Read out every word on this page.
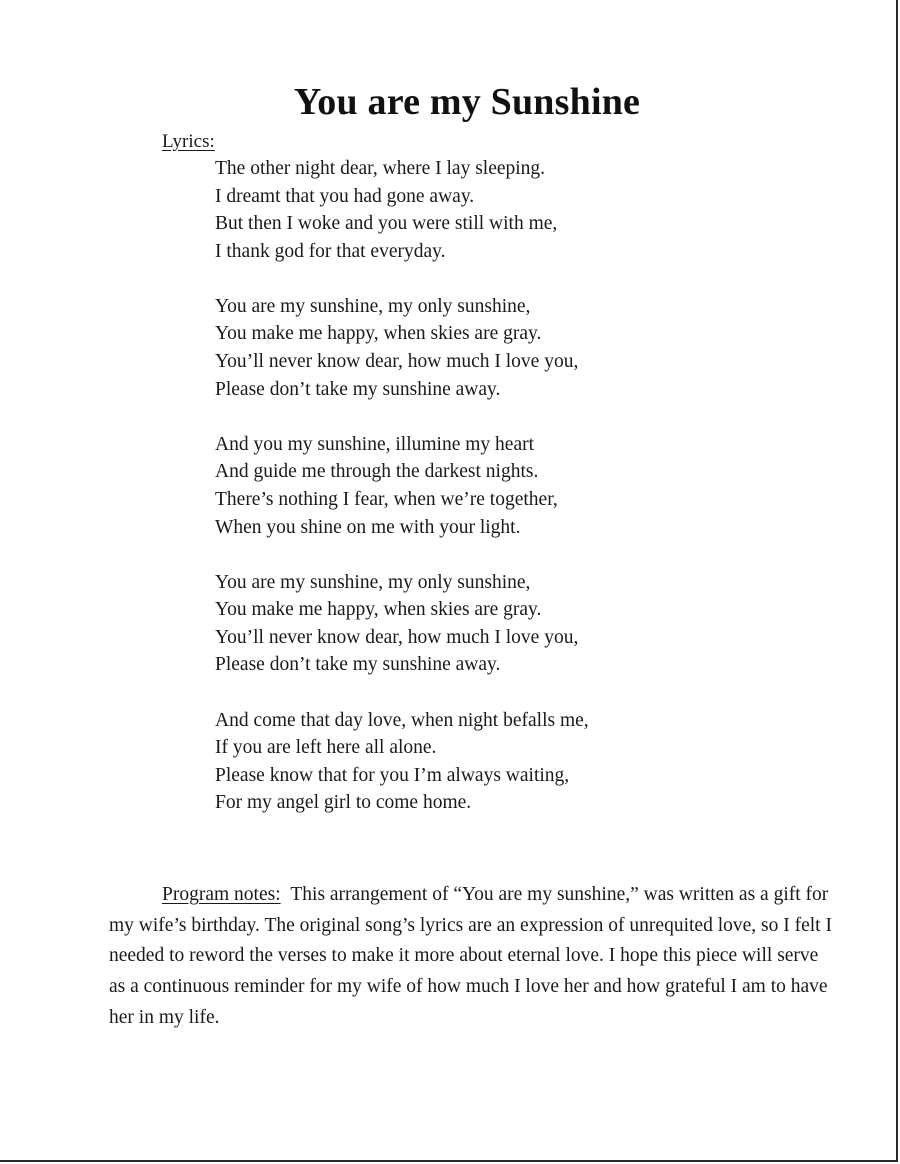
You are my Sunshine
Lyrics:
The other night dear, where I lay sleeping.
I dreamt that you had gone away.
But then I woke and you were still with me,
I thank god for that everyday.
You are my sunshine, my only sunshine,
You make me happy, when skies are gray.
You’ll never know dear, how much I love you,
Please don’t take my sunshine away.
And you my sunshine, illumine my heart
And guide me through the darkest nights.
There’s nothing I fear, when we’re together,
When you shine on me with your light.
You are my sunshine, my only sunshine,
You make me happy, when skies are gray.
You’ll never know dear, how much I love you,
Please don’t take my sunshine away.
And come that day love, when night befalls me,
If you are left here all alone.
Please know that for you I’m always waiting,
For my angel girl to come home.

Program notes: This arrangement of “You are my sunshine,” was written as a gift for my wife’s birthday. The original song’s lyrics are an expression of unrequited love, so I felt I needed to reword the verses to make it more about eternal love. I hope this piece will serve as a continuous reminder for my wife of how much I love her and how grateful I am to have her in my life.
